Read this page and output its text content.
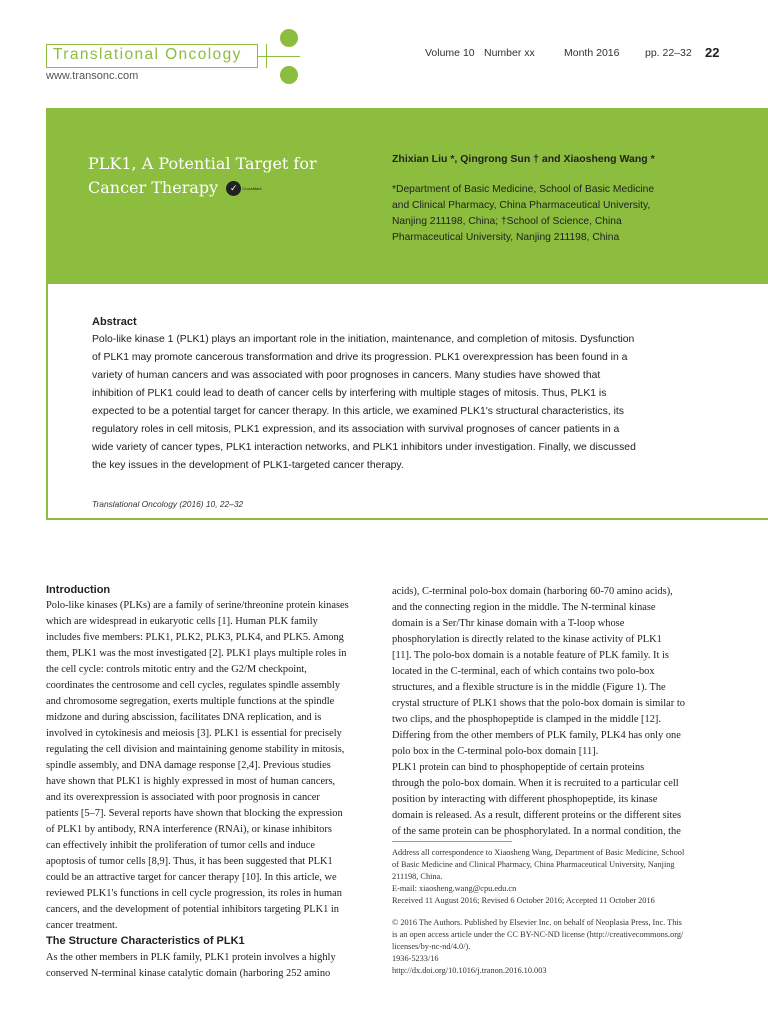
Translational Oncology
www.transonc.com
Volume 10 Number xx	Month 2016 pp. 22–32 22
PLK1, A Potential Target for
Cancer Therapy ✓ CrossMark
Zhixian Liu *, Qingrong Sun † and Xiaosheng Wang *
*Department of Basic Medicine, School of Basic Medicine
and Clinical Pharmacy, China Pharmaceutical University,
Nanjing 211198, China; †School of Science, China
Pharmaceutical University, Nanjing 211198, China
Abstract
Polo-like kinase 1 (PLK1) plays an important role in the initiation, maintenance, and completion of mitosis. Dysfunction
of PLK1 may promote cancerous transformation and drive its progression. PLK1 overexpression has been found in a
variety of human cancers and was associated with poor prognoses in cancers. Many studies have showed that
inhibition of PLK1 could lead to death of cancer cells by interfering with multiple stages of mitosis. Thus, PLK1 is
expected to be a potential target for cancer therapy. In this article, we examined PLK1's structural characteristics, its
regulatory roles in cell mitosis, PLK1 expression, and its association with survival prognoses of cancer patients in a
wide variety of cancer types, PLK1 interaction networks, and PLK1 inhibitors under investigation. Finally, we discussed
the key issues in the development of PLK1-targeted cancer therapy.
Translational Oncology (2016) 10, 22–32
Introduction
Polo-like kinases (PLKs) are a family of serine/threonine protein kinases
which are widespread in eukaryotic cells [1]. Human PLK family
includes five members: PLK1, PLK2, PLK3, PLK4, and PLK5. Among
them, PLK1 was the most investigated [2]. PLK1 plays multiple roles in
the cell cycle: controls mitotic entry and the G2/M checkpoint,
coordinates the centrosome and cell cycles, regulates spindle assembly
and chromosome segregation, exerts multiple functions at the spindle
midzone and during abscission, facilitates DNA replication, and is
involved in cytokinesis and meiosis [3]. PLK1 is essential for precisely
regulating the cell division and maintaining genome stability in mitosis,
spindle assembly, and DNA damage response [2,4]. Previous studies
have shown that PLK1 is highly expressed in most of human cancers,
and its overexpression is associated with poor prognosis in cancer
patients [5–7]. Several reports have shown that blocking the expression
of PLK1 by antibody, RNA interference (RNAi), or kinase inhibitors
can effectively inhibit the proliferation of tumor cells and induce
apoptosis of tumor cells [8,9]. Thus, it has been suggested that PLK1
could be an attractive target for cancer therapy [10]. In this article, we
reviewed PLK1's functions in cell cycle progression, its roles in human
cancers, and the development of potential inhibitors targeting PLK1 in
cancer treatment.
The Structure Characteristics of PLK1
As the other members in PLK family, PLK1 protein involves a highly
conserved N-terminal kinase catalytic domain (harboring 252 amino
acids), C-terminal polo-box domain (harboring 60-70 amino acids),
and the connecting region in the middle. The N-terminal kinase
domain is a Ser/Thr kinase domain with a T-loop whose
phosphorylation is directly related to the kinase activity of PLK1
[11]. The polo-box domain is a notable feature of PLK family. It is
located in the C-terminal, each of which contains two polo-box
structures, and a flexible structure is in the middle (Figure 1). The
crystal structure of PLK1 shows that the polo-box domain is similar to
two clips, and the phosphopeptide is clamped in the middle [12].
Differing from the other members of PLK family, PLK4 has only one
polo box in the C-terminal polo-box domain [11].
PLK1 protein can bind to phosphopeptide of certain proteins
through the polo-box domain. When it is recruited to a particular cell
position by interacting with different phosphopeptide, its kinase
domain is released. As a result, different proteins or the different sites
of the same protein can be phosphorylated. In a normal condition, the
Address all correspondence to Xiaosheng Wang, Department of Basic Medicine, School
of Basic Medicine and Clinical Pharmacy, China Pharmaceutical University, Nanjing
211198, China.
E-mail: xiaosheng.wang@cpu.edu.cn
Received 11 August 2016; Revised 6 October 2016; Accepted 11 October 2016
© 2016 The Authors. Published by Elsevier Inc. on behalf of Neoplasia Press, Inc. This
is an open access article under the CC BY-NC-ND license (http://creativecommons.org/
licenses/by-nc-nd/4.0/).
1936-5233/16
http://dx.doi.org/10.1016/j.tranon.2016.10.003
